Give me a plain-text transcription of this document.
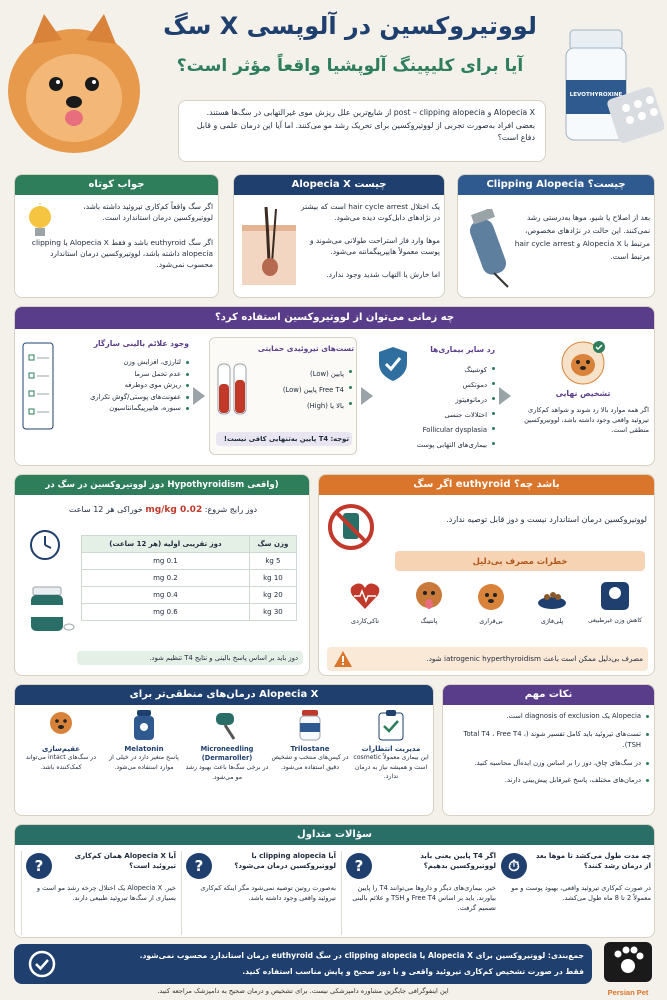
لووتیروکسین در آلوپسی X سگ
آیا برای کلیپینگ آلوپشیا واقعاً مؤثر است؟
Alopecia X و post – clipping alopecia از شایع‌ترین علل ریزش موی غیرالتهابی در سگ‌ها هستند. بعضی افراد به‌صورت تجربی از لووتیروکسین برای تحریک رشد مو می‌کنند. اما آیا این درمان علمی و قابل دفاع است؟
LEVOTHYROXINE
جواب کوتاه
اگر سگ واقعاً کم‌کاری تیروئید داشته باشد، لووتیروکسین درمان استاندارد است.
اگر سگ euthyroid باشد و فقط Alopecia X یا clipping alopecia داشته باشد، لووتیروکسین درمان استاندارد محسوب نمی‌شود.
Alopecia X چیست
یک اختلال hair cycle arrest است که بیشتر در نژادهای دابل‌کوت دیده می‌شود.
موها وارد فاز استراحت طولانی می‌شوند و پوست معمولاً هایپرپیگمانته می‌شود.
اما خارش یا التهاب شدید وجود ندارد.
Clipping Alopecia چیست؟
بعد از اصلاح یا شیو، موها به‌درستی رشد نمی‌کنند. این حالت در نژادهای مخصوص، مرتبط با Alopecia X و hair cycle arrest مرتبط است.
چه زمانی می‌توان از لووتیروکسین استفاده کرد؟
وجود علائم بالینی سازگار
لتارژی، افزایش وزن
عدم تحمل سرما
ریزش موی دوطرفه
عفونت‌های پوستی/گوش تکراری
سبوره، هایپرپیگمانتاسیون
تست‌های تیروئیدی حمایتی
پایین (Low)
Free T4 پایین (Low)
بالا یا (High)
توجه: T4 پایین به‌تنهایی کافی نیست!
رد سایر بیماری‌ها
کوشینگ
دموتکس
درماتوفیتوز
اختلالات جنسی
Follicular dysplasia
بیماری‌های التهابی پوست
تشخیص نهایی
اگر همه موارد بالا رد شوند و شواهد کم‌کاری تیروئید واقعی وجود داشته باشد، لووتیروکسین منطقی است.
دوز لووتیروکسین در سگ در Hypothyroidism واقعی)
دوز رایج شروع: 0.02 mg/kg خوراکی هر 12 ساعت
وزن سگ	دوز تقریبی اولیه (هر 12 ساعت)
5 kg	0.1 mg
10 kg	0.2 mg
20 kg	0.4 mg
30 kg	0.6 mg
دوز باید بر اساس پاسخ بالینی و نتایج T4 تنظیم شود.
اگر سگ euthyroid باشد چه؟
لووتیروکسین درمان استاندارد نیست و دوز قابل توصیه ندارد.
خطرات مصرف بی‌دلیل
کاهش وزن غیرطبیعی
پلی‌فاژی
بی‌قراری
پانتینگ
تاکی‌کاردی
مصرف بی‌دلیل ممکن است باعث iatrogenic hyperthyroidism شود.
درمان‌های منطقی‌تر برای Alopecia X
مدیریت انتظارات
این بیماری معمولاً cosmetic است و همیشه نیاز به درمان ندارد.
Trilostane
در کیس‌های منتخب و تشخیص دقیق استفاده می‌شود.
Microneedling (Dermaroller)
در برخی سگ‌ها باعث بهبود رشد مو می‌شود.
Melatonin
پاسخ متغیر دارد در خیلی از موارد استفاده می‌شود.
عقیم‌سازی
در سگ‌های intact می‌تواند کمک‌کننده باشد.
نکات مهم
Alopecia یک diagnosis of exclusion است.
تست‌های تیروئید باید کامل تفسیر شوند (Total T4 ، Free T4 ، TSH).
در سگ‌های چاق، دوز را بر اساس وزن ایده‌آل محاسبه کنید.
درمان‌های مختلف، پاسخ غیرقابل پیش‌بینی دارند.
سؤالات متداول
⏱
چه مدت طول می‌کشد تا موها بعد از درمان رشد کنند؟
در صورت کم‌کاری تیروئید واقعی، بهبود پوست و مو معمولاً 2 تا 8 ماه طول می‌کشد.
?
اگر T4 پایین یعنی باید لووتیروکسین بدهیم؟
خیر. بیماری‌های دیگر و داروها می‌توانند T4 را پایین بیاورند. باید بر اساس Free T4 و TSH و علائم بالینی تصمیم گرفت.
?
آیا clipping alopecia با لووتیروکسین درمان می‌شود؟
به‌صورت روتین توصیه نمی‌شود مگر اینکه کم‌کاری تیروئید واقعی وجود داشته باشد.
?
آیا Alopecia X همان کم‌کاری تیروئید است؟
خیر. Alopecia X یک اختلال چرخه رشد مو است و بسیاری از سگ‌ها تیروئید طبیعی دارند.
جمع‌بندی: لووتیروکسین برای Alopecia X یا clipping alopecia در سگ euthyroid درمان استاندارد محسوب نمی‌شود.
فقط در صورت تشخیص کم‌کاری تیروئید واقعی و با دوز صحیح و پایش مناسب استفاده کنید.
Persian Pet
این اینفوگرافی جایگزین مشاوره دامپزشکی نیست. برای تشخیص و درمان صحیح به دامپزشک مراجعه کنید.
